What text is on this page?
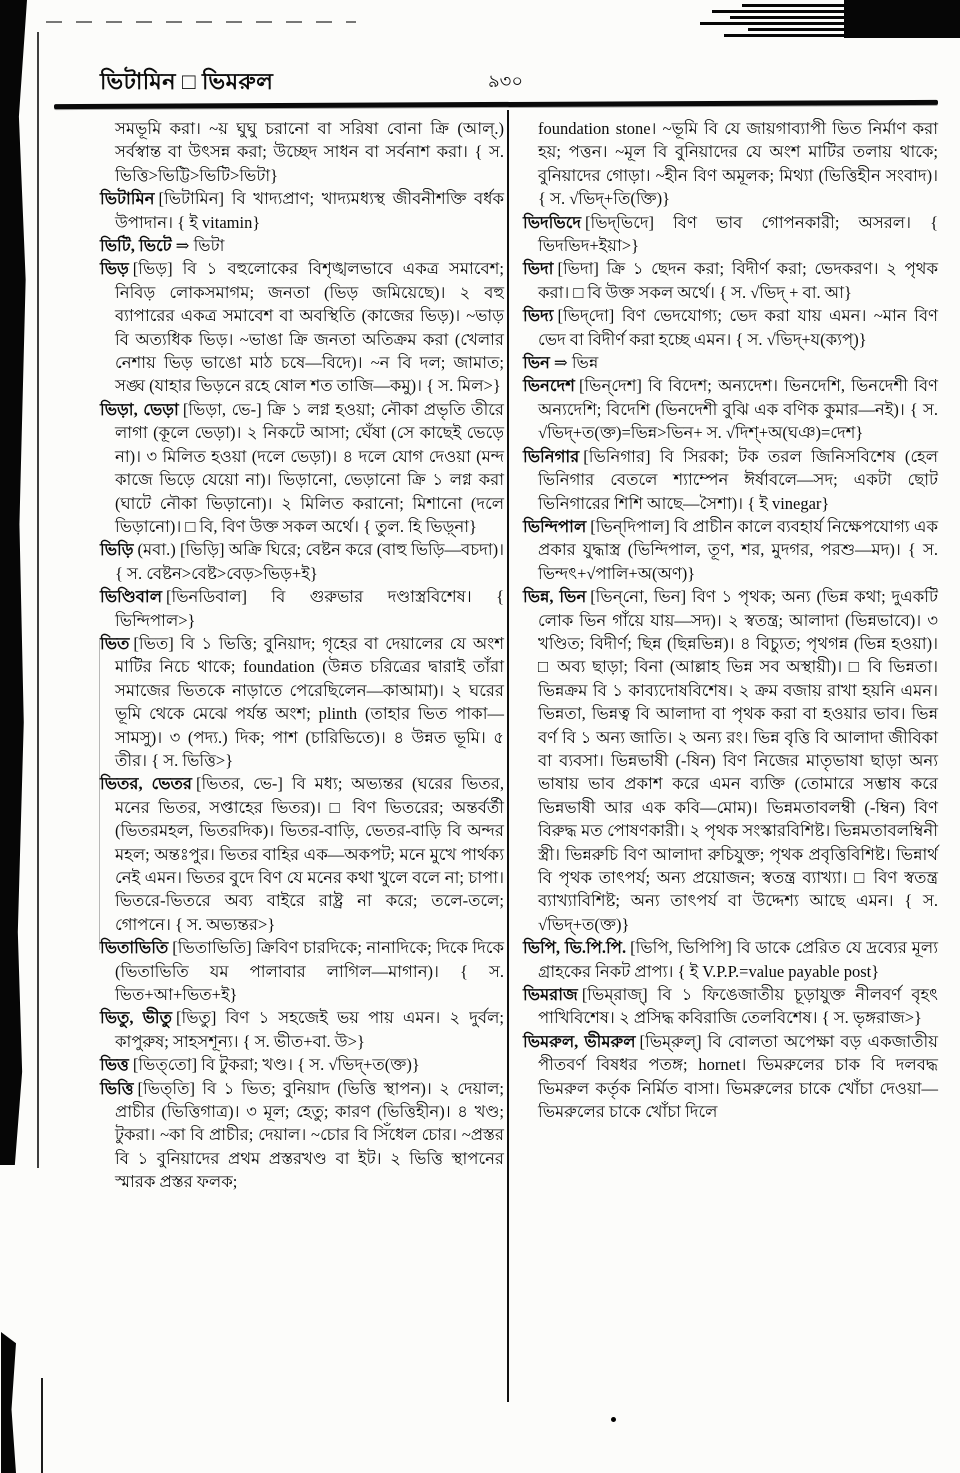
ভিটামিন □ ভিমরুল	৯৩০

সমভূমি করা। ~য় ঘুঘু চরানো বা সরিষা বোনা ক্রি (আল্.) সর্বস্বান্ত বা উৎসন্ন করা; উচ্ছেদ সাধন বা সর্বনাশ করা। { স. ভিত্তি>ভিট্টি>ভিটি>ভিটা}

ভিটামিন [ভিটামিন] বি খাদ্যপ্রাণ; খাদ্যমধ্যস্থ জীবনীশক্তি বর্ধক উপাদান। { ই vitamin}

ভিটি, ভিটে ⇒ ভিটা

ভিড় [ভিড়] বি ১ বহুলোকের বিশৃঙ্খলভাবে একত্র সমাবেশ; নিবিড় লোকসমাগম; জনতা (ভিড় জমিয়েছে)। ২ বহু ব্যাপারের একত্র সমাবেশ বা অবস্থিতি (কাজের ভিড়)। ~ভাড় বি অত্যধিক ভিড়। ~ভাঙা ক্রি জনতা অতিক্রম করা (খেলার নেশায় ভিড় ভাঙো মাঠ চষে—বিদে)। ~ন বি দল; জামাত; সঙ্ঘ (যাহার ভিড়নে রহে ষোল শত তাজি—কমু)। { স. মিল>}

ভিড়া, ভেড়া [ভিড়া, ভে-] ক্রি ১ লগ্ন হওয়া; নৌকা প্রভৃতি তীরে লাগা (কূলে ভেড়া)। ২ নিকটে আসা; ঘেঁষা (সে কাছেই ভেড়ে না)। ৩ মিলিত হওয়া (দলে ভেড়া)। ৪ দলে যোগ দেওয়া (মন্দ কাজে ভিড়ে যেয়ো না)। ভিড়ানো, ভেড়ানো ক্রি ১ লগ্ন করা (ঘাটে নৌকা ভিড়ানো)। ২ মিলিত করানো; মিশানো (দলে ভিড়ানো)। □ বি, বিণ উক্ত সকল অর্থে। { তুল. হি ভিড়্‌না}

ভিড়ি (মবা.) [ভিড়ি] অক্রি ঘিরে; বেষ্টন করে (বাহু ভিড়ি—বচদা)। { স. বেষ্টন>বেষ্ট>বেড়>ভিড়+ই}

ভিণ্ডিবাল [ভিনডিবাল] বি গুরুভার দণ্ডাস্ত্রবিশেষ। { ভিন্দিপাল>}

ভিত [ভিত] বি ১ ভিত্তি; বুনিয়াদ; গৃহের বা দেয়ালের যে অংশ মাটির নিচে থাকে; foundation (উন্নত চরিত্রের দ্বারাই তাঁরা সমাজের ভিতকে নাড়াতে পেরেছিলেন—কাআমা)। ২ ঘরের ভূমি থেকে মেঝে পর্যন্ত অংশ; plinth (তাহার ভিত পাকা—সামসু)। ৩ (পদ্য.) দিক; পাশ (চারিভিতে)। ৪ উন্নত ভূমি। ৫ তীর। { স. ভিত্তি>}

ভিতর, ভেতর [ভিতর, ভে-] বি মধ্য; অভ্যন্তর (ঘরের ভিতর, মনের ভিতর, সপ্তাহের ভিতর)। □ বিণ ভিতরের; অন্তর্বর্তী (ভিতরমহল, ভিতরদিক)। ভিতর-বাড়ি, ভেতর-বাড়ি বি অন্দর মহল; অন্তঃপুর। ভিতর বাহির এক—অকপট; মনে মুখে পার্থক্য নেই এমন। ভিতর বুদে বিণ যে মনের কথা খুলে বলে না; চাপা। ভিতরে-ভিতরে অব্য বাইরে রাষ্ট্র না করে; তলে-তলে; গোপনে। { স. অভ্যন্তর>}

ভিতাভিতি [ভিতাভিতি] ক্রিবিণ চারদিকে; নানাদিকে; দিকে দিকে (ভিতাভিতি যম পালাবার লাগিল—মাগান)। { স. ভিত+আ+ভিত+ই}

ভিতু, ভীতু [ভিতু] বিণ ১ সহজেই ভয় পায় এমন। ২ দুর্বল; কাপুরুষ; সাহসশূন্য। { স. ভীত+বা. উ>}

ভিত্ত [ভিত্‌তো] বি টুকরা; খণ্ড। { স. √ভিদ্+ত(ক্ত)}

ভিত্তি [ভিত্‌তি] বি ১ ভিত; বুনিয়াদ (ভিত্তি স্থাপন)। ২ দেয়াল; প্রাচীর (ভিত্তিগাত্র)। ৩ মূল; হেতু; কারণ (ভিত্তিহীন)। ৪ খণ্ড; টুকরা। ~কা বি প্রাচীর; দেয়াল। ~চোর বি সিঁধেল চোর। ~প্রস্তর বি ১ বুনিয়াদের প্রথম প্রস্তরখণ্ড বা ইট। ২ ভিত্তি স্থাপনের স্মারক প্রস্তর ফলক;

foundation stone। ~ভূমি বি যে জায়গাব্যাপী ভিত নির্মাণ করা হয়; পত্তন। ~মূল বি বুনিয়াদের যে অংশ মাটির তলায় থাকে; বুনিয়াদের গোড়া। ~হীন বিণ অমূলক; মিথ্যা (ভিত্তিহীন সংবাদ)। { স. √ভিদ্+তি(ক্তি)}

ভিদভিদে [ভিদ্‌ভিদে] বিণ ভাব গোপনকারী; অসরল। { ভিদভিদ+ইয়া>}

ভিদা [ভিদা] ক্রি ১ ছেদন করা; বিদীর্ণ করা; ভেদকরণ। ২ পৃথক করা। □ বি উক্ত সকল অর্থে। { স. √ভিদ্ + বা. আ}

ভিদ্য [ভিদ্‌দো] বিণ ভেদযোগ্য; ভেদ করা যায় এমন। ~মান বিণ ভেদ বা বিদীর্ণ করা হচ্ছে এমন। { স. √ভিদ্+য(ক্যপ্)}

ভিন ⇒ ভিন্ন

ভিনদেশ [ভিন্‌দেশ] বি বিদেশ; অন্যদেশ। ভিনদেশি, ভিনদেশী বিণ অন্যদেশি; বিদেশি (ভিনদেশী বুঝি এক বণিক কুমার—নই)। { স. √ভিদ্+ত(ক্ত)=ভিন্ন>ভিন+ স. √দিশ্+অ(ঘঞ)=দেশ}

ভিনিগার [ভিনিগার] বি সিরকা; টক তরল জিনিসবিশেষ (হেল ভিনিগার বেতলে শ্যাম্পেন ঈর্ষাবলে—সদ; একটা ছোট ভিনিগারের শিশি আছে—সৈশা)। { ই vinegar}

ভিন্দিপাল [ভিন্‌দিপাল] বি প্রাচীন কালে ব্যবহার্য নিক্ষেপযোগ্য এক প্রকার যুদ্ধাস্ত্র (ভিন্দিপাল, তূণ, শর, মুদগর, পরশু—মদ)। { স. ভিন্দৎ+√পালি+অ(অণ)}

ভিন্ন, ভিন [ভিন্‌নো, ভিন] বিণ ১ পৃথক; অন্য (ভিন্ন কথা; দুএকটি লোক ভিন গাঁয়ে যায়—সদ)। ২ স্বতন্ত্র; আলাদা (ভিন্নভাবে)। ৩ খণ্ডিত; বিদীর্ণ; ছিন্ন (ছিন্নভিন্ন)। ৪ বিচ্যুত; পৃথগন্ন (ভিন্ন হওয়া)। □ অব্য ছাড়া; বিনা (আল্লাহ ভিন্ন সব অস্থায়ী)। □ বি ভিন্নতা। ভিন্নক্রম বি ১ কাব্যদোষবিশেষ। ২ ক্রম বজায় রাখা হয়নি এমন। ভিন্নতা, ভিন্নত্ব বি আলাদা বা পৃথক করা বা হওয়ার ভাব। ভিন্ন বর্ণ বি ১ অন্য জাতি। ২ অন্য রং। ভিন্ন বৃত্তি বি আলাদা জীবিকা বা ব্যবসা। ভিন্নভাষী (-ষিন) বিণ নিজের মাতৃভাষা ছাড়া অন্য ভাষায় ভাব প্রকাশ করে এমন ব্যক্তি (তোমারে সম্ভাষ করে ভিন্নভাষী আর এক কবি—মোম)। ভিন্নমতাবলম্বী (-ম্বিন) বিণ বিরুদ্ধ মত পোষণকারী। ২ পৃথক সংস্কারবিশিষ্ট। ভিন্নমতাবলম্বিনী স্ত্রী। ভিন্নরুচি বিণ আলাদা রুচিযুক্ত; পৃথক প্রবৃত্তিবিশিষ্ট। ভিন্নার্থ বি পৃথক তাৎপর্য; অন্য প্রয়োজন; স্বতন্ত্র ব্যাখ্যা। □ বিণ স্বতন্ত্র ব্যাখ্যাবিশিষ্ট; অন্য তাৎপর্য বা উদ্দেশ্য আছে এমন। { স. √ভিদ্+ত(ক্ত)}

ভিপি, ভি.পি.পি. [ভিপি, ভিপিপি] বি ডাকে প্রেরিত যে দ্রব্যের মূল্য গ্রাহকের নিকট প্রাপ্য। { ই V.P.P.=value payable post}

ভিমরাজ [ভিম্‌রাজ্] বি ১ ফিঙেজাতীয় চূড়াযুক্ত নীলবর্ণ বৃহৎ পাখিবিশেষ। ২ প্রসিদ্ধ কবিরাজি তেলবিশেষ। { স. ভৃঙ্গরাজ>}

ভিমরুল, ভীমরুল [ভিম্‌রুল্] বি বোলতা অপেক্ষা বড় একজাতীয় পীতবর্ণ বিষধর পতঙ্গ; hornet। ভিমরুলের চাক বি দলবদ্ধ ভিমরুল কর্তৃক নির্মিত বাসা। ভিমরুলের চাকে খোঁচা দেওয়া—ভিমরুলের চাকে খোঁচা দিলে
